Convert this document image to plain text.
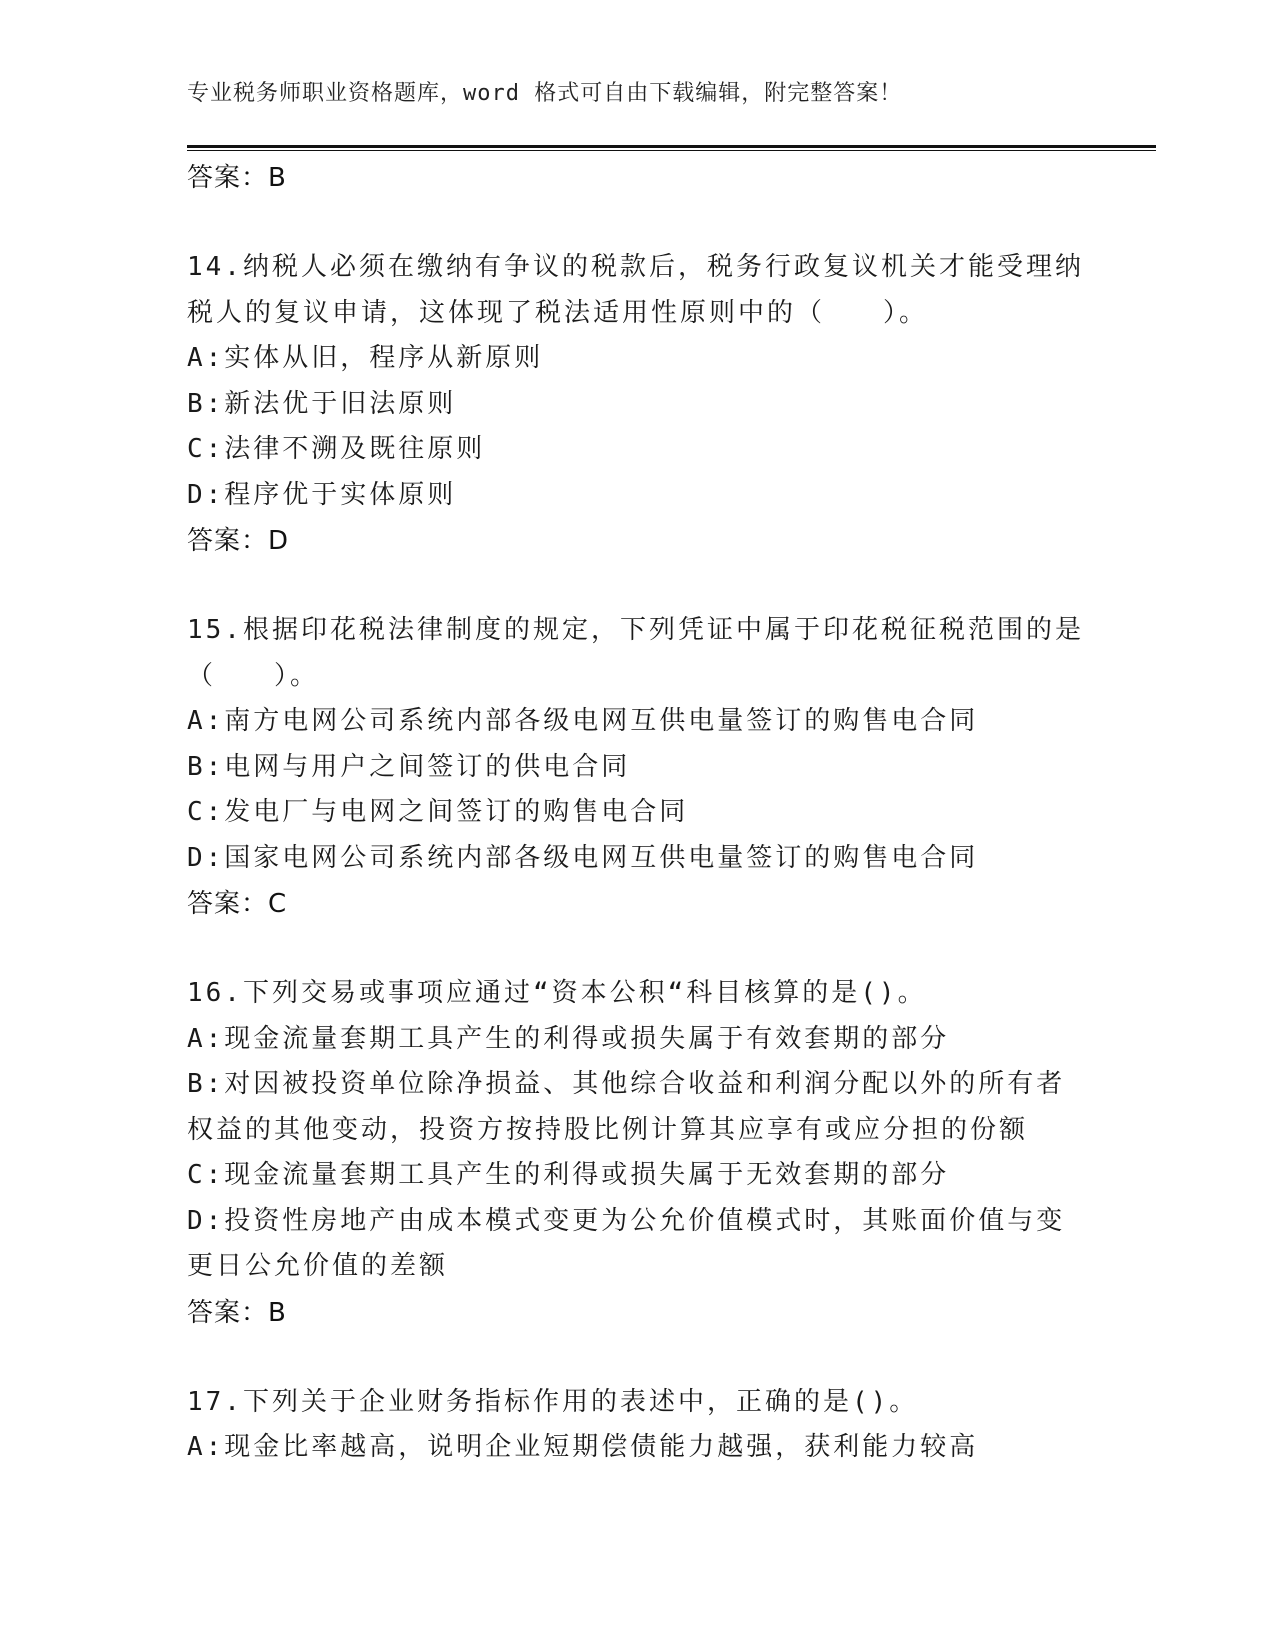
专业税务师职业资格题库，word 格式可自由下载编辑，附完整答案！
答案：B
14.纳税人必须在缴纳有争议的税款后，税务行政复议机关才能受理纳
税人的复议申请，这体现了税法适用性原则中的（　　）。
A:实体从旧，程序从新原则
B:新法优于旧法原则
C:法律不溯及既往原则
D:程序优于实体原则
答案：D
15.根据印花税法律制度的规定，下列凭证中属于印花税征税范围的是
（　　）。
A:南方电网公司系统内部各级电网互供电量签订的购售电合同
B:电网与用户之间签订的供电合同
C:发电厂与电网之间签订的购售电合同
D:国家电网公司系统内部各级电网互供电量签订的购售电合同
答案：C
16.下列交易或事项应通过“资本公积“科目核算的是()。
A:现金流量套期工具产生的利得或损失属于有效套期的部分
B:对因被投资单位除净损益、其他综合收益和利润分配以外的所有者
权益的其他变动，投资方按持股比例计算其应享有或应分担的份额
C:现金流量套期工具产生的利得或损失属于无效套期的部分
D:投资性房地产由成本模式变更为公允价值模式时，其账面价值与变
更日公允价值的差额
答案：B
17.下列关于企业财务指标作用的表述中，正确的是()。
A:现金比率越高，说明企业短期偿债能力越强，获利能力较高
